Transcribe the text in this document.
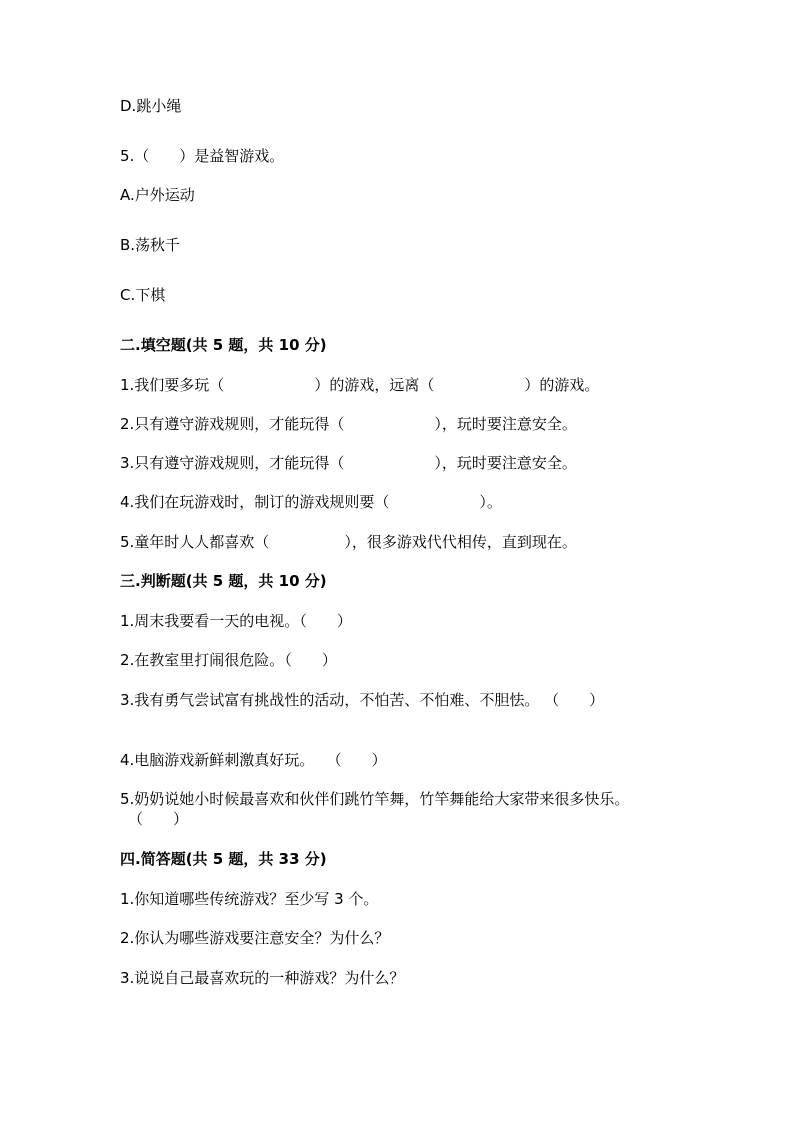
D.跳小绳
5.（　　）是益智游戏。
A.户外运动
B.荡秋千
C.下棋
二.填空题(共 5 题，共 10 分)
1.我们要多玩（　　　　　　）的游戏，远离（　　　　　　）的游戏。
2.只有遵守游戏规则，才能玩得（　　　　　　），玩时要注意安全。
3.只有遵守游戏规则，才能玩得（　　　　　　），玩时要注意安全。
4.我们在玩游戏时，制订的游戏规则要（　　　　　　）。
5.童年时人人都喜欢（　　　　　），很多游戏代代相传，直到现在。
三.判断题(共 5 题，共 10 分)
1.周末我要看一天的电视。（　　）
2.在教室里打闹很危险。（　　）
3.我有勇气尝试富有挑战性的活动，不怕苦、不怕难、不胆怯。 （　　）
4.电脑游戏新鲜刺激真好玩。　 （　　）
5.奶奶说她小时候最喜欢和伙伴们跳竹竿舞，竹竿舞能给大家带来很多快乐。
（　　）
四.简答题(共 5 题，共 33 分)
1.你知道哪些传统游戏？至少写 3 个。
2.你认为哪些游戏要注意安全？为什么？
3.说说自己最喜欢玩的一种游戏？为什么？
